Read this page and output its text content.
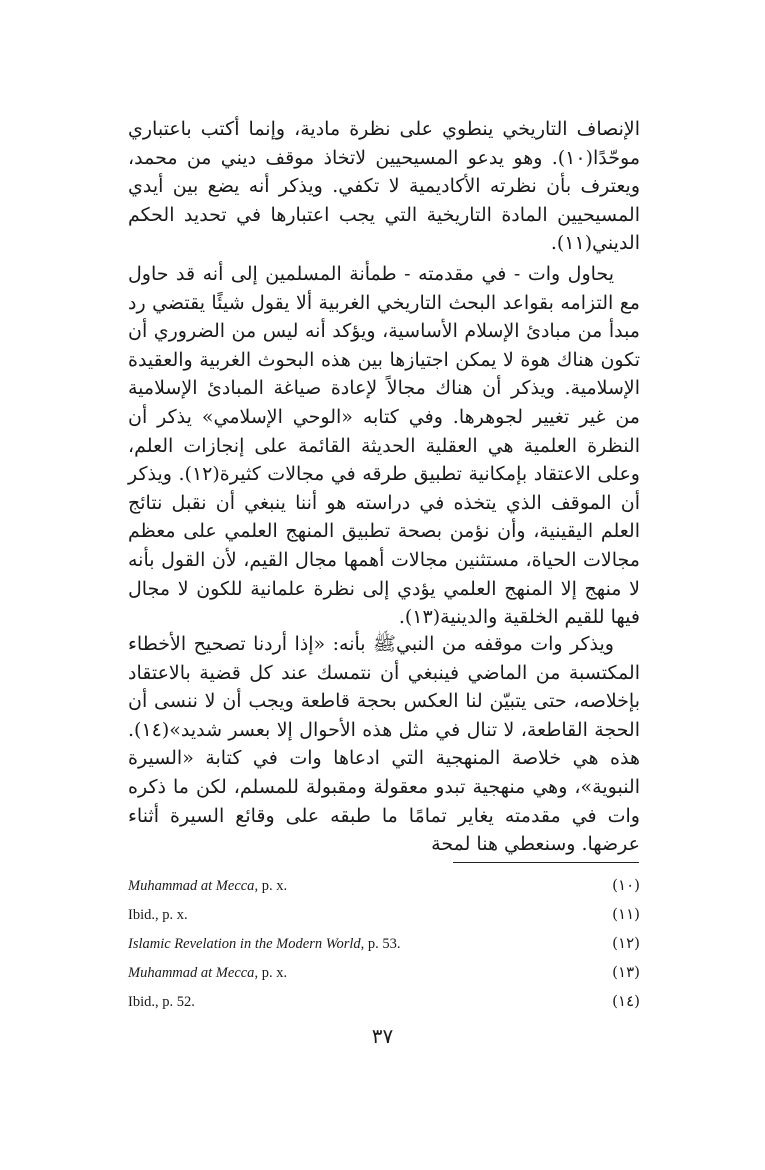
الإنصاف التاريخي ينطوي على نظرة مادية، وإنما أكتب باعتباري موحّدًا(١٠). وهو يدعو المسيحيين لاتخاذ موقف ديني من محمد، ويعترف بأن نظرته الأكاديمية لا تكفي. ويذكر أنه يضع بين أيدي المسيحيين المادة التاريخية التي يجب اعتبارها في تحديد الحكم الديني(١١).

يحاول وات - في مقدمته - طمأنة المسلمين إلى أنه قد حاول مع التزامه بقواعد البحث التاريخي الغربية ألا يقول شيئًا يقتضي رد مبدأ من مبادئ الإسلام الأساسية، ويؤكد أنه ليس من الضروري أن تكون هناك هوة لا يمكن اجتيازها بين هذه البحوث الغربية والعقيدة الإسلامية. ويذكر أن هناك مجالاً لإعادة صياغة المبادئ الإسلامية من غير تغيير لجوهرها. وفي كتابه «الوحي الإسلامي» يذكر أن النظرة العلمية هي العقلية الحديثة القائمة على إنجازات العلم، وعلى الاعتقاد بإمكانية تطبيق طرقه في مجالات كثيرة(١٢). ويذكر أن الموقف الذي يتخذه في دراسته هو أننا ينبغي أن نقبل نتائج العلم اليقينية، وأن نؤمن بصحة تطبيق المنهج العلمي على معظم مجالات الحياة، مستثنين مجالات أهمها مجال القيم، لأن القول بأنه لا منهج إلا المنهج العلمي يؤدي إلى نظرة علمانية للكون لا مجال فيها للقيم الخلقية والدينية(١٣).

ويذكر وات موقفه من النبيﷺ بأنه: «إذا أردنا تصحيح الأخطاء المكتسبة من الماضي فينبغي أن نتمسك عند كل قضية بالاعتقاد بإخلاصه، حتى يتبيّن لنا العكس بحجة قاطعة ويجب أن لا ننسى أن الحجة القاطعة، لا تنال في مثل هذه الأحوال إلا بعسر شديد»(١٤). هذه هي خلاصة المنهجية التي ادعاها وات في كتابة «السيرة النبوية»، وهي منهجية تبدو معقولة ومقبولة للمسلم، لكن ما ذكره وات في مقدمته يغاير تمامًا ما طبقه على وقائع السيرة أثناء عرضها. وسنعطي هنا لمحة

Muhammad at Mecca, p. x.	(١٠)
Ibid., p. x.	(١١)
Islamic Revelation in the Modern World, p. 53.	(١٢)
Muhammad at Mecca, p. x.	(١٣)
Ibid., p. 52.	(١٤)
٣٧
